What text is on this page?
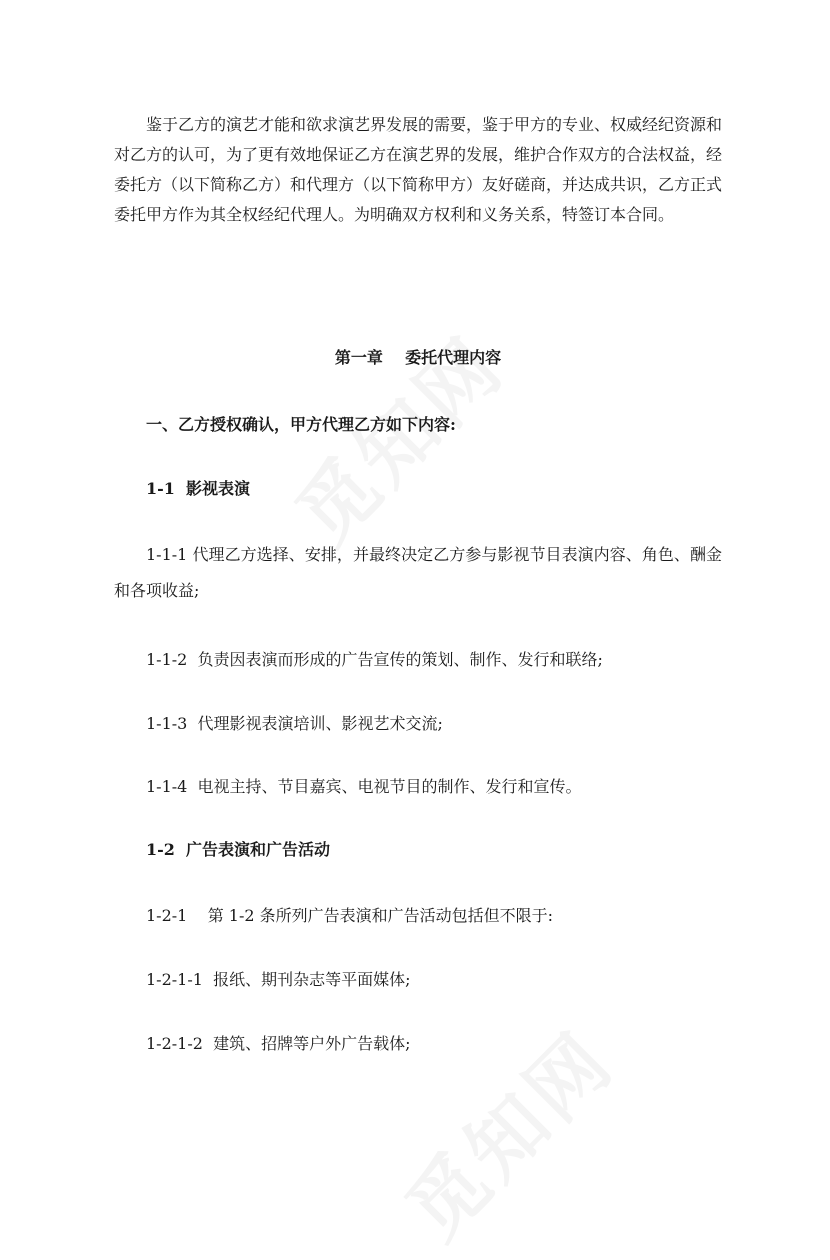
鉴于乙方的演艺才能和欲求演艺界发展的需要，鉴于甲方的专业、权威经纪资源和对乙方的认可，为了更有效地保证乙方在演艺界的发展，维护合作双方的合法权益，经委托方（以下简称乙方）和代理方（以下简称甲方）友好磋商，并达成共识，乙方正式委托甲方作为其全权经纪代理人。为明确双方权利和义务关系，特签订本合同。

第一章    委托代理内容
一、乙方授权确认，甲方代理乙方如下内容:
1-1  影视表演
1-1-1 代理乙方选择、安排，并最终决定乙方参与影视节目表演内容、角色、酬金和各项收益;
1-1-2  负责因表演而形成的广告宣传的策划、制作、发行和联络;
1-1-3  代理影视表演培训、影视艺术交流;
1-1-4  电视主持、节目嘉宾、电视节目的制作、发行和宣传。
1-2  广告表演和广告活动
1-2-1    第 1-2 条所列广告表演和广告活动包括但不限于:
1-2-1-1  报纸、期刊杂志等平面媒体;
1-2-1-2  建筑、招牌等户外广告载体;
